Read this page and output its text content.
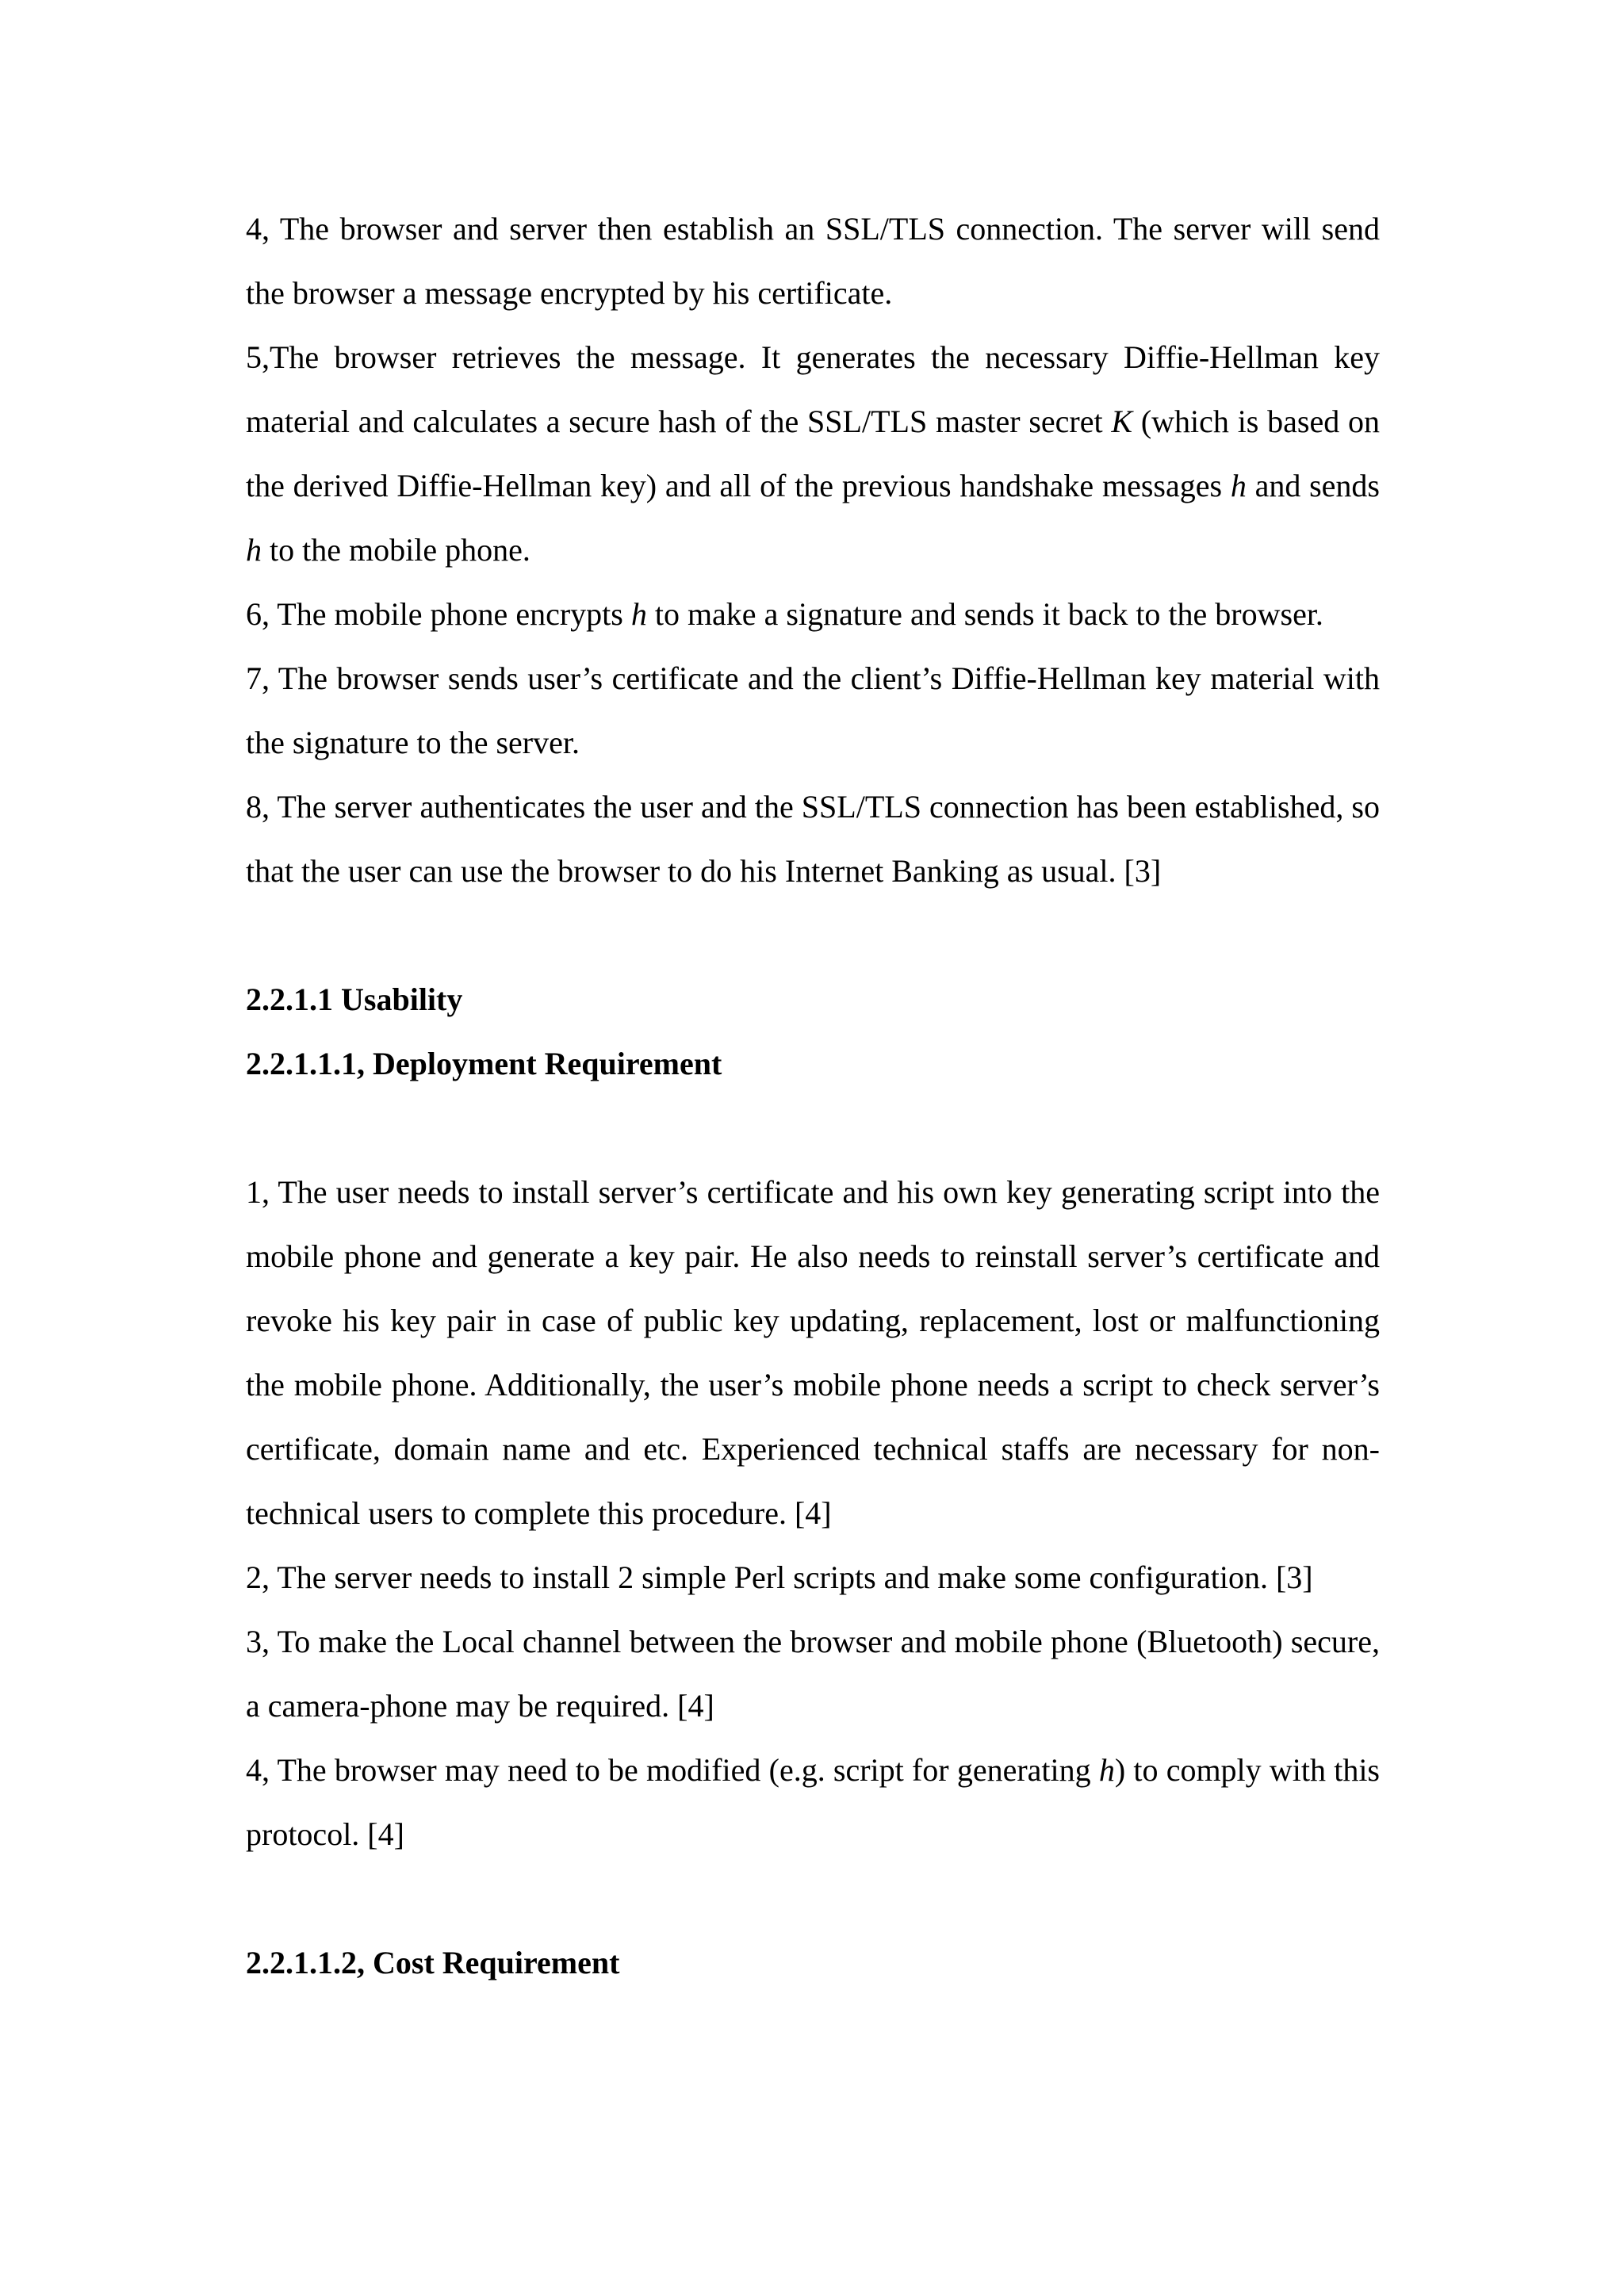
4, The browser and server then establish an SSL/TLS connection. The server will send the browser a message encrypted by his certificate.

5,The browser retrieves the message. It generates the necessary Diffie-Hellman key material and calculates a secure hash of the SSL/TLS master secret K (which is based on the derived Diffie-Hellman key) and all of the previous handshake messages h and sends h to the mobile phone.

6, The mobile phone encrypts h to make a signature and sends it back to the browser.

7, The browser sends user’s certificate and the client’s Diffie-Hellman key material with the signature to the server.

8, The server authenticates the user and the SSL/TLS connection has been established, so that the user can use the browser to do his Internet Banking as usual. [3]

2.2.1.1 Usability

2.2.1.1.1, Deployment Requirement

1, The user needs to install server’s certificate and his own key generating script into the mobile phone and generate a key pair. He also needs to reinstall server’s certificate and revoke his key pair in case of public key updating, replacement, lost or malfunctioning the mobile phone. Additionally, the user’s mobile phone needs a script to check server’s certificate, domain name and etc. Experienced technical staffs are necessary for non-technical users to complete this procedure. [4]

2, The server needs to install 2 simple Perl scripts and make some configuration. [3]

3, To make the Local channel between the browser and mobile phone (Bluetooth) secure, a camera-phone may be required. [4]

4, The browser may need to be modified (e.g. script for generating h) to comply with this protocol. [4]

2.2.1.1.2, Cost Requirement
